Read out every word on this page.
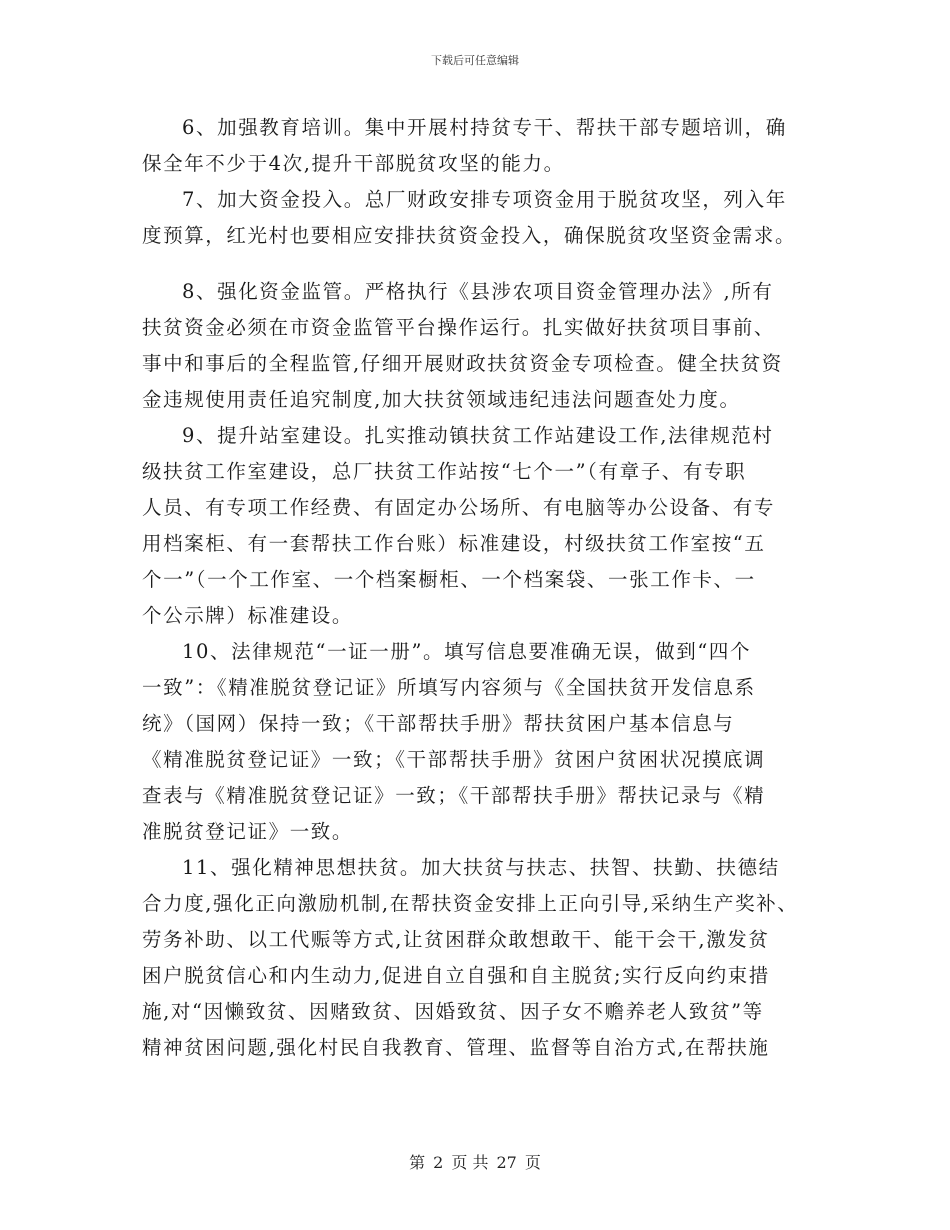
下载后可任意编辑
6、加强教育培训。集中开展村持贫专干、帮扶干部专题培训，确
保全年不少于4次,提升干部脱贫攻坚的能力。
7、加大资金投入。总厂财政安排专项资金用于脱贫攻坚，列入年
度预算，红光村也要相应安排扶贫资金投入，确保脱贫攻坚资金需求。
8、强化资金监管。严格执行《县涉农项目资金管理办法》,所有
扶贫资金必须在市资金监管平台操作运行。扎实做好扶贫项目事前、
事中和事后的全程监管,仔细开展财政扶贫资金专项检查。健全扶贫资
金违规使用责任追究制度,加大扶贫领域违纪违法问题查处力度。
9、提升站室建设。扎实推动镇扶贫工作站建设工作,法律规范村
级扶贫工作室建设，总厂扶贫工作站按“七个一”（有章子、有专职
人员、有专项工作经费、有固定办公场所、有电脑等办公设备、有专
用档案柜、有一套帮扶工作台账）标准建设，村级扶贫工作室按“五
个一”（一个工作室、一个档案橱柜、一个档案袋、一张工作卡、一
个公示牌）标准建设。
10、法律规范“一证一册”。填写信息要准确无误，做到“四个
一致”：《精准脱贫登记证》所填写内容须与《全国扶贫开发信息系
统》（国网）保持一致；《干部帮扶手册》帮扶贫困户基本信息与
《精准脱贫登记证》一致；《干部帮扶手册》贫困户贫困状况摸底调
查表与《精准脱贫登记证》一致；《干部帮扶手册》帮扶记录与《精
准脱贫登记证》一致。
11、强化精神思想扶贫。加大扶贫与扶志、扶智、扶勤、扶德结
合力度,强化正向激励机制,在帮扶资金安排上正向引导,采纳生产奖补、
劳务补助、以工代赈等方式,让贫困群众敢想敢干、能干会干,激发贫
困户脱贫信心和内生动力,促进自立自强和自主脱贫;实行反向约束措
施,对“因懒致贫、因赌致贫、因婚致贫、因子女不赡养老人致贫”等
精神贫困问题,强化村民自我教育、管理、监督等自治方式,在帮扶施
第 2 页 共 27 页
